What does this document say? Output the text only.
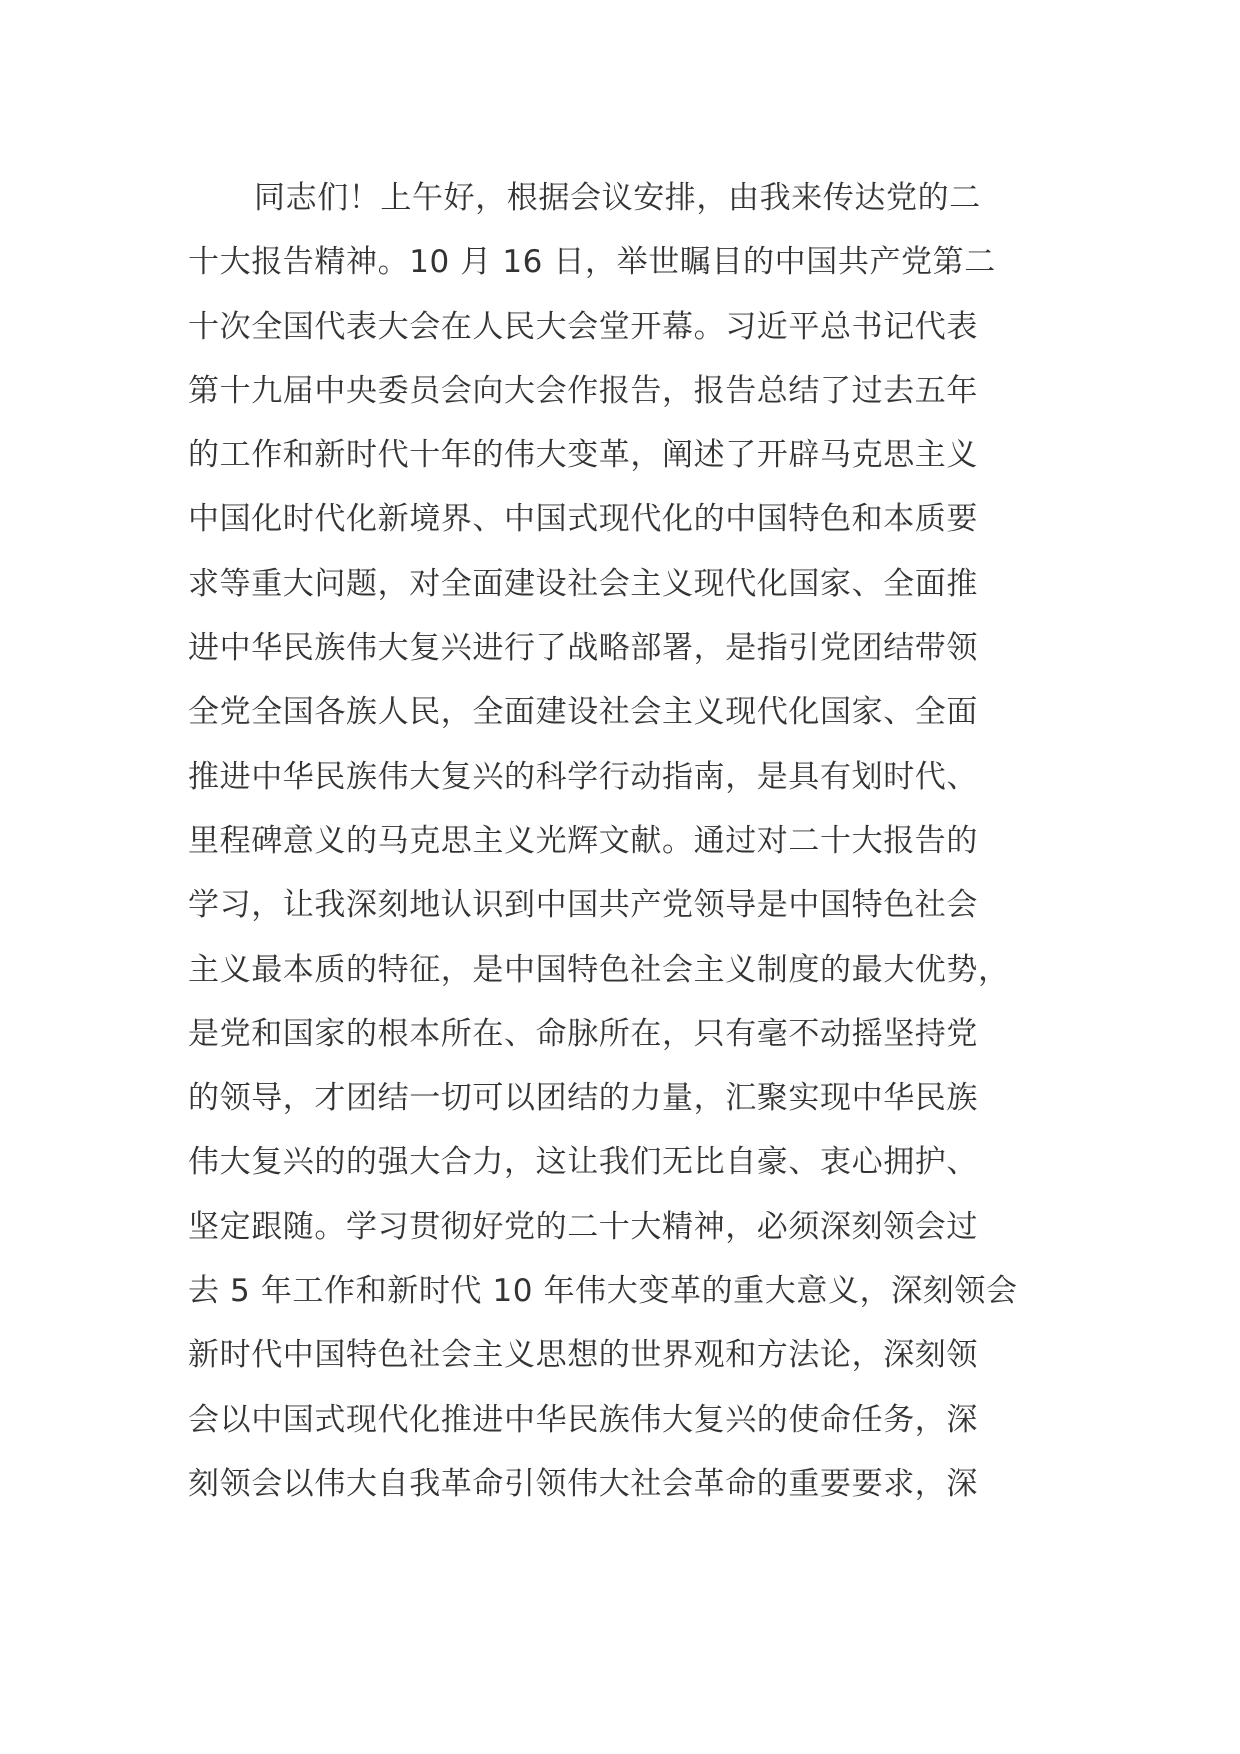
同志们！上午好，根据会议安排，由我来传达党的二
十大报告精神。10 月 16 日，举世瞩目的中国共产党第二
十次全国代表大会在人民大会堂开幕。习近平总书记代表
第十九届中央委员会向大会作报告，报告总结了过去五年
的工作和新时代十年的伟大变革，阐述了开辟马克思主义
中国化时代化新境界、中国式现代化的中国特色和本质要
求等重大问题，对全面建设社会主义现代化国家、全面推
进中华民族伟大复兴进行了战略部署，是指引党团结带领
全党全国各族人民，全面建设社会主义现代化国家、全面
推进中华民族伟大复兴的科学行动指南，是具有划时代、
里程碑意义的马克思主义光辉文献。通过对二十大报告的
学习，让我深刻地认识到中国共产党领导是中国特色社会
主义最本质的特征，是中国特色社会主义制度的最大优势，
是党和国家的根本所在、命脉所在，只有毫不动摇坚持党
的领导，才团结一切可以团结的力量，汇聚实现中华民族
伟大复兴的的强大合力，这让我们无比自豪、衷心拥护、
坚定跟随。学习贯彻好党的二十大精神，必须深刻领会过
去 5 年工作和新时代 10 年伟大变革的重大意义，深刻领会
新时代中国特色社会主义思想的世界观和方法论，深刻领
会以中国式现代化推进中华民族伟大复兴的使命任务，深
刻领会以伟大自我革命引领伟大社会革命的重要要求，深
